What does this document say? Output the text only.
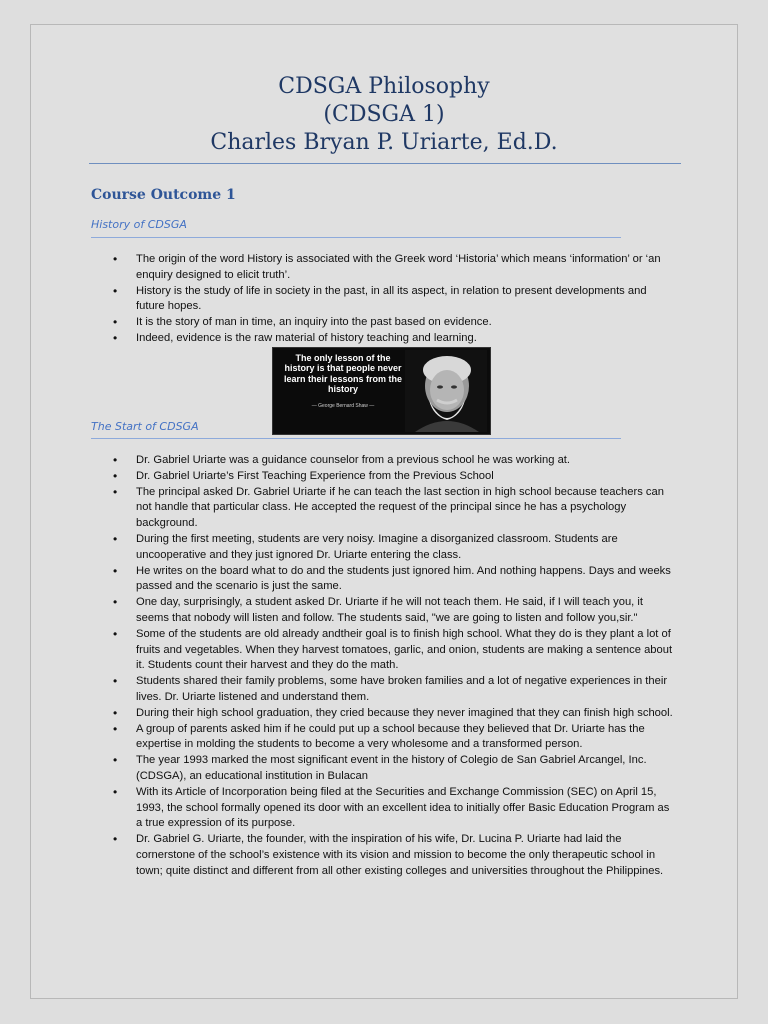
CDSGA Philosophy
(CDSGA 1)
Charles Bryan P. Uriarte, Ed.D.
Course Outcome 1
History of CDSGA
• The origin of the word History is associated with the Greek word ‘Historia’ which means ‘information’ or ‘an enquiry designed to elicit truth’.
• History is the study of life in society in the past, in all its aspect, in relation to present developments and future hopes.
• It is the story of man in time, an inquiry into the past based on evidence.
• Indeed, evidence is the raw material of history teaching and learning.
The Start of CDSGA
The only lesson of the history is that people never learn their lessons from the history
— George Bernard Shaw —
• Dr. Gabriel Uriarte was a guidance counselor from a previous school he was working at.
• Dr. Gabriel Uriarte’s First Teaching Experience from the Previous School
• The principal asked Dr. Gabriel Uriarte if he can teach the last section in high school because teachers can not handle that particular class. He accepted the request of the principal since he has a psychology background.
• During the first meeting, students are very noisy. Imagine a disorganized classroom. Students are uncooperative and they just ignored Dr. Uriarte entering the class.
• He writes on the board what to do and the students just ignored him. And nothing happens. Days and weeks passed and the scenario is just the same.
• One day, surprisingly, a student asked Dr. Uriarte if he will not teach them. He said, if I will teach you, it seems that nobody will listen and follow. The students said, "we are going to listen and follow you,sir."
• Some of the students are old already andtheir goal is to finish high school. What they do is they plant a lot of fruits and vegetables. When they harvest tomatoes, garlic, and onion, students are making a sentence about it. Students count their harvest and they do the math.
• Students shared their family problems, some have broken families and a lot of negative experiences in their lives. Dr. Uriarte listened and understand them.
• During their high school graduation, they cried because they never imagined that they can finish high school.
• A group of parents asked him if he could put up a school because they believed that Dr. Uriarte has the expertise in molding the students to become a very wholesome and a transformed person.
• The year 1993 marked the most significant event in the history of Colegio de San Gabriel Arcangel, Inc. (CDSGA), an educational institution in Bulacan
• With its Article of Incorporation being filed at the Securities and Exchange Commission (SEC) on April 15, 1993, the school formally opened its door with an excellent idea to initially offer Basic Education Program as a true expression of its purpose.
• Dr. Gabriel G. Uriarte, the founder, with the inspiration of his wife, Dr. Lucina P. Uriarte had laid the cornerstone of the school’s existence with its vision and mission to become the only therapeutic school in town; quite distinct and different from all other existing colleges and universities throughout the Philippines.
